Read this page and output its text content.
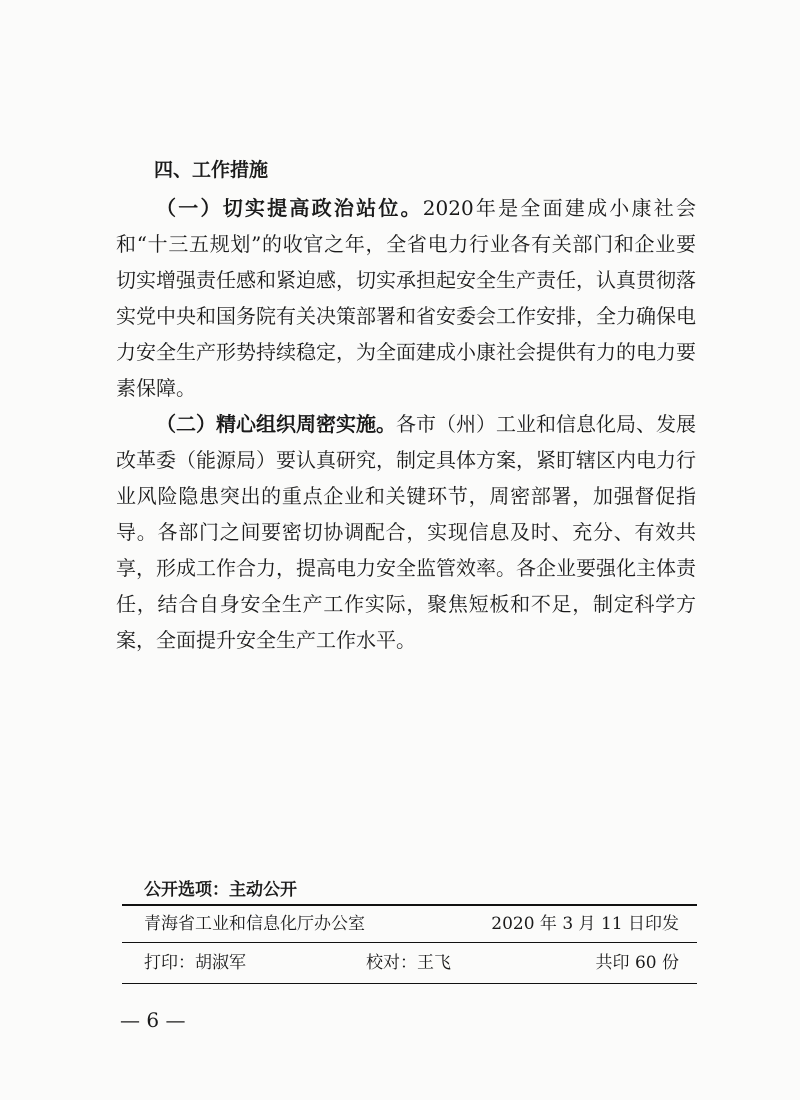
四、工作措施

（一）切实提高政治站位。2020年是全面建成小康社会和“十三五规划”的收官之年，全省电力行业各有关部门和企业要切实增强责任感和紧迫感，切实承担起安全生产责任，认真贯彻落实党中央和国务院有关决策部署和省安委会工作安排，全力确保电力安全生产形势持续稳定，为全面建成小康社会提供有力的电力要素保障。

（二）精心组织周密实施。各市（州）工业和信息化局、发展改革委（能源局）要认真研究，制定具体方案，紧盯辖区内电力行业风险隐患突出的重点企业和关键环节，周密部署，加强督促指导。各部门之间要密切协调配合，实现信息及时、充分、有效共享，形成工作合力，提高电力安全监管效率。各企业要强化主体责任，结合自身安全生产工作实际，聚焦短板和不足，制定科学方案，全面提升安全生产工作水平。

公开选项：主动公开
青海省工业和信息化厅办公室	2020 年 3 月 11 日印发
打印：胡淑军	校对：王飞	共印 60 份
— 6 —
